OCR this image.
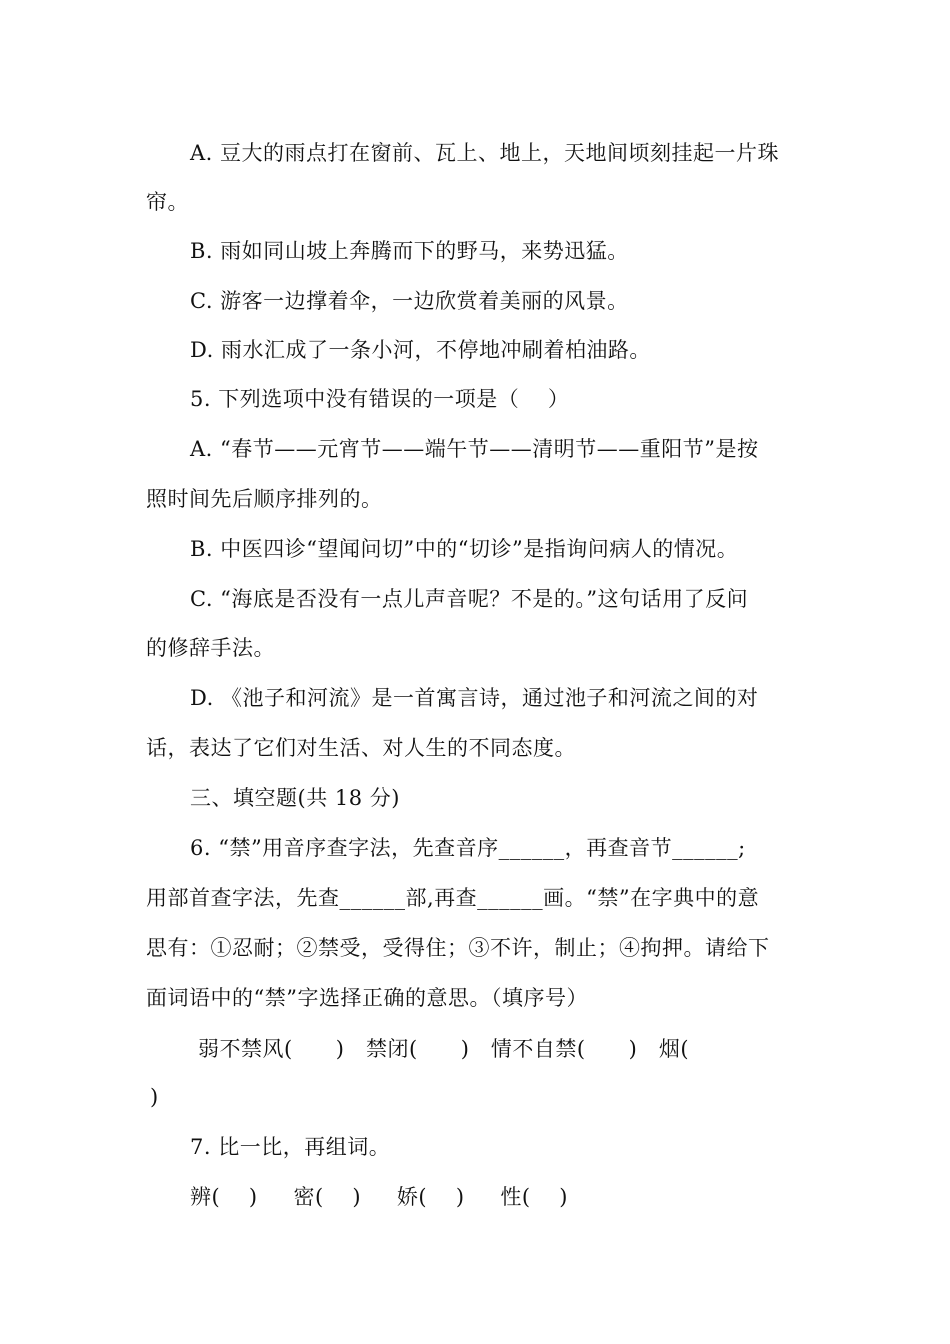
A. 豆大的雨点打在窗前、瓦上、地上，天地间顷刻挂起一片珠
帘。
B. 雨如同山坡上奔腾而下的野马，来势迅猛。
C. 游客一边撑着伞，一边欣赏着美丽的风景。
D. 雨水汇成了一条小河，不停地冲刷着柏油路。
5. 下列选项中没有错误的一项是（    ）
A. “春节——元宵节——端午节——清明节——重阳节”是按
照时间先后顺序排列的。
B. 中医四诊“望闻问切”中的“切诊”是指询问病人的情况。
C. “海底是否没有一点儿声音呢？不是的。”这句话用了反问
的修辞手法。
D. 《池子和河流》是一首寓言诗，通过池子和河流之间的对
话，表达了它们对生活、对人生的不同态度。
三、填空题(共 18 分)
6. “禁”用音序查字法，先查音序______，再查音节______;
用部首查字法，先查______部,再查______画。“禁”在字典中的意
思有：①忍耐；②禁受，受得住；③不许，制止；④拘押。请给下
面词语中的“禁”字选择正确的意思。（填序号）
弱不禁风(      )   禁闭(      )   情不自禁(      )   烟(
)
7. 比一比，再组词。
辨(    )     密(    )     娇(    )     性(    )
